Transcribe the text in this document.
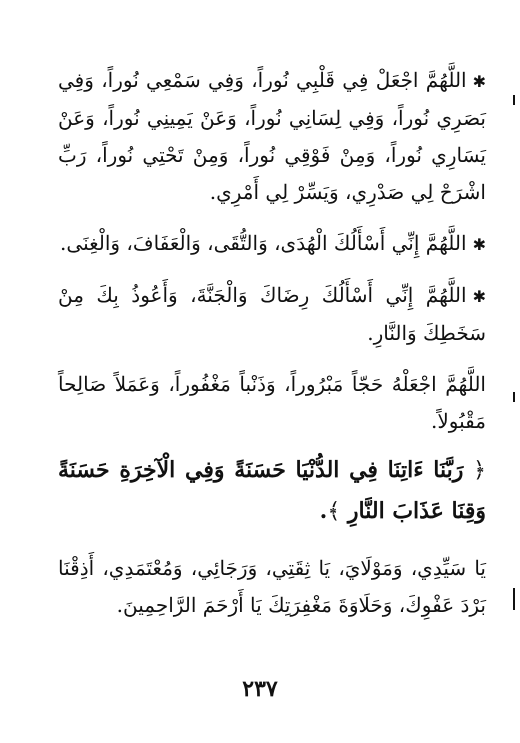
✱اللَّهُمَّ اجْعَلْ فِي قَلْبِي نُوراً، وَفِي سَمْعِي نُوراً، وَفِي بَصَرِي نُوراً، وَفِي لِسَانِي نُوراً، وَعَنْ يَمِينِي نُوراً، وَعَنْ يَسَارِي نُوراً، وَمِنْ فَوْقِي نُوراً، وَمِنْ تَحْتِي نُوراً، رَبِّ اشْرَحْ لِي صَدْرِي، وَيَسِّرْ لِي أَمْرِي.

✱اللَّهُمَّ إِنِّي أَسْأَلُكَ الْهُدَى، وَالتُّقَى، وَالْعَفَافَ، وَالْغِنَى.

✱اللَّهُمَّ إِنِّي أَسْأَلُكَ رِضَاكَ وَالْجَنَّةَ، وَأَعُوذُ بِكَ مِنْ سَخَطِكَ وَالنَّارِ.

اللَّهُمَّ اجْعَلْهُ حَجّاً مَبْرُوراً، وَذَنْباً مَغْفُوراً، وَعَمَلاً صَالِحاً مَقْبُولاً.

﴿ رَبَّنَا ءَاتِنَا فِي الدُّنْيَا حَسَنَةً وَفِي الْآخِرَةِ حَسَنَةً وَقِنَا عَذَابَ النَّارِ ﴾.

يَا سَيِّدِي، وَمَوْلَايَ، يَا ثِقَتِي، وَرَجَائِي، وَمُعْتَمَدِي، أَذِقْنَا بَرْدَ عَفْوِكَ، وَحَلَاوَةَ مَغْفِرَتِكَ يَا أَرْحَمَ الرَّاحِمِينَ.

٢٣٧
